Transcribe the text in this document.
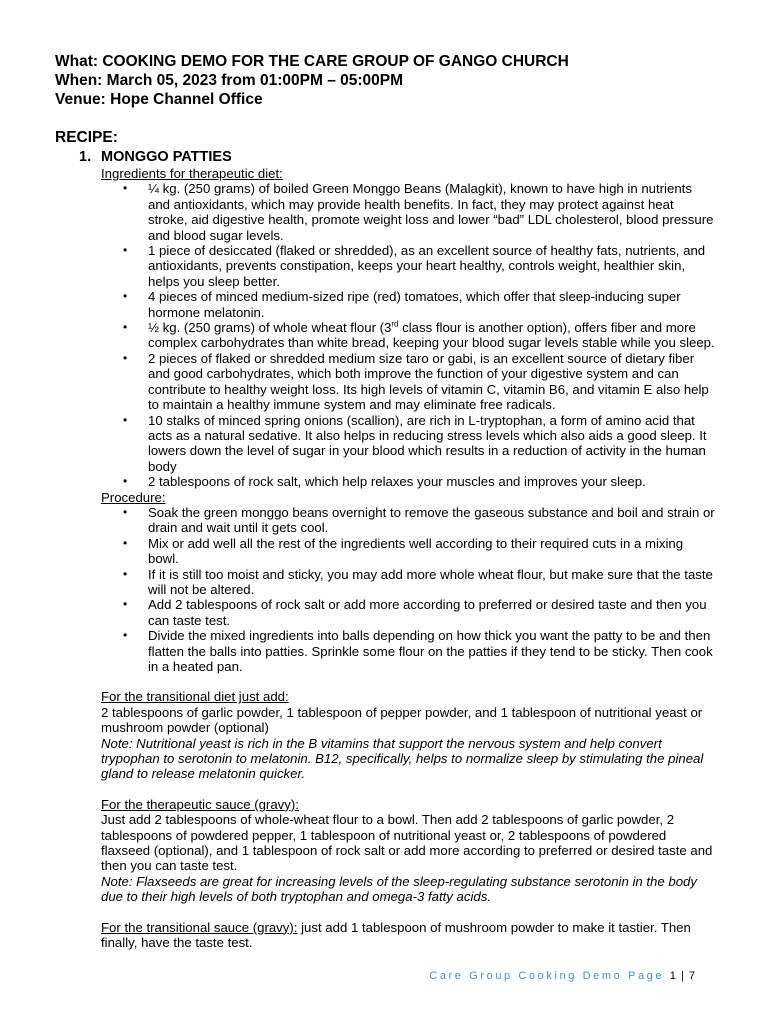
What: COOKING DEMO FOR THE CARE GROUP OF GANGO CHURCH

When: March 05, 2023 from 01:00PM – 05:00PM

Venue: Hope Channel Office

RECIPE:

1. MONGGO PATTIES
Ingredients for therapeutic diet:
• ¼ kg. (250 grams) of boiled Green Monggo Beans (Malagkit), known to have high in nutrients and antioxidants, which may provide health benefits. In fact, they may protect against heat stroke, aid digestive health, promote weight loss and lower “bad” LDL cholesterol, blood pressure and blood sugar levels.
• 1 piece of desiccated (flaked or shredded), as an excellent source of healthy fats, nutrients, and antioxidants, prevents constipation, keeps your heart healthy, controls weight, healthier skin, helps you sleep better.
• 4 pieces of minced medium-sized ripe (red) tomatoes, which offer that sleep-inducing super hormone melatonin.
• ½ kg. (250 grams) of whole wheat flour (3rd class flour is another option), offers fiber and more complex carbohydrates than white bread, keeping your blood sugar levels stable while you sleep.
• 2 pieces of flaked or shredded medium size taro or gabi, is an excellent source of dietary fiber and good carbohydrates, which both improve the function of your digestive system and can contribute to healthy weight loss. Its high levels of vitamin C, vitamin B6, and vitamin E also help to maintain a healthy immune system and may eliminate free radicals.
• 10 stalks of minced spring onions (scallion), are rich in L-tryptophan, a form of amino acid that acts as a natural sedative. It also helps in reducing stress levels which also aids a good sleep. It lowers down the level of sugar in your blood which results in a reduction of activity in the human body
• 2 tablespoons of rock salt, which help relaxes your muscles and improves your sleep.
Procedure:
• Soak the green monggo beans overnight to remove the gaseous substance and boil and strain or drain and wait until it gets cool.
• Mix or add well all the rest of the ingredients well according to their required cuts in a mixing bowl.
• If it is still too moist and sticky, you may add more whole wheat flour, but make sure that the taste will not be altered.
• Add 2 tablespoons of rock salt or add more according to preferred or desired taste and then you can taste test.
• Divide the mixed ingredients into balls depending on how thick you want the patty to be and then flatten the balls into patties. Sprinkle some flour on the patties if they tend to be sticky. Then cook in a heated pan.
For the transitional diet just add:
2 tablespoons of garlic powder, 1 tablespoon of pepper powder, and 1 tablespoon of nutritional yeast or mushroom powder (optional)
Note: Nutritional yeast is rich in the B vitamins that support the nervous system and help convert trypophan to serotonin to melatonin. B12, specifically, helps to normalize sleep by stimulating the pineal gland to release melatonin quicker.
For the therapeutic sauce (gravy):
Just add 2 tablespoons of whole-wheat flour to a bowl. Then add 2 tablespoons of garlic powder, 2 tablespoons of powdered pepper, 1 tablespoon of nutritional yeast or, 2 tablespoons of powdered flaxseed (optional), and 1 tablespoon of rock salt or add more according to preferred or desired taste and then you can taste test.
Note: Flaxseeds are great for increasing levels of the sleep-regulating substance serotonin in the body due to their high levels of both tryptophan and omega-3 fatty acids.
For the transitional sauce (gravy): just add 1 tablespoon of mushroom powder to make it tastier. Then finally, have the taste test.
Care Group Cooking Demo Page 1 | 7
